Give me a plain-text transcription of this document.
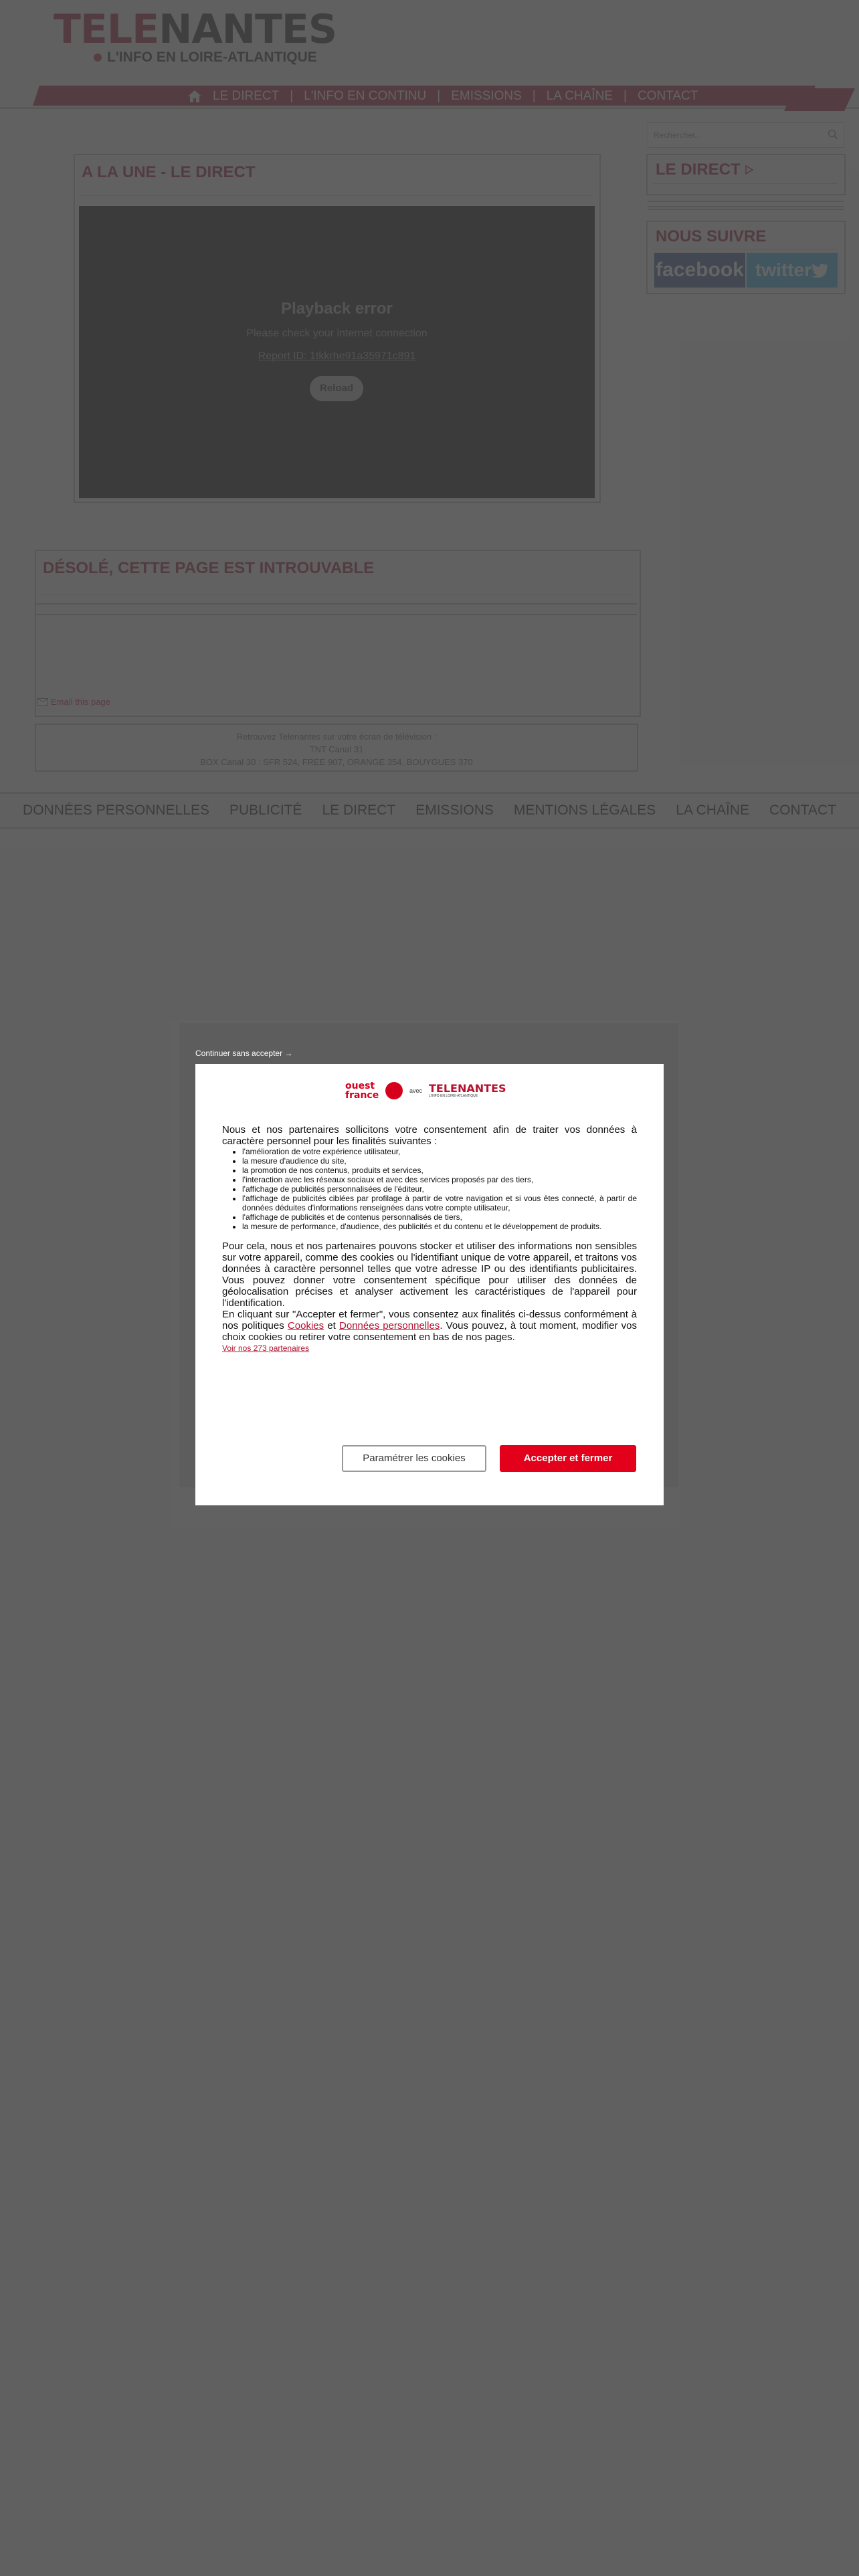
Rechercher...
Continuer sans accepter →
ouest france	avec TELENANTES
L'INFO EN LOIRE-ATLANTIQUE
Nous et nos partenaires sollicitons votre consentement afin de traiter vos données à caractère personnel pour les finalités suivantes :
• l'amélioration de votre expérience utilisateur,
• la mesure d'audience du site,
• la promotion de nos contenus, produits et services,
• l'interaction avec les réseaux sociaux et avec des services proposés par des tiers,
• l'affichage de publicités personnalisées de l'éditeur,
• l'affichage de publicités ciblées par profilage à partir de votre navigation et si vous êtes connecté, à partir de données déduites d'informations renseignées dans votre compte utilisateur,
• l'affichage de publicités et de contenus personnalisés de tiers,
• la mesure de performance, d'audience, des publicités et du contenu et le développement de produits.
Pour cela, nous et nos partenaires pouvons stocker et utiliser des informations non sensibles sur votre appareil, comme des cookies ou l'identifiant unique de votre appareil, et traitons vos données à caractère personnel telles que votre adresse IP ou des identifiants publicitaires. Vous pouvez donner votre consentement spécifique pour utiliser des données de géolocalisation précises et analyser activement les caractéristiques de l'appareil pour l'identification.
En cliquant sur "Accepter et fermer", vous consentez aux finalités ci-dessus conformément à nos politiques Cookies et Données personnelles. Vous pouvez, à tout moment, modifier vos choix cookies ou retirer votre consentement en bas de nos pages.
Voir nos 273 partenaires
Paramétrer les cookies	Accepter et fermer
